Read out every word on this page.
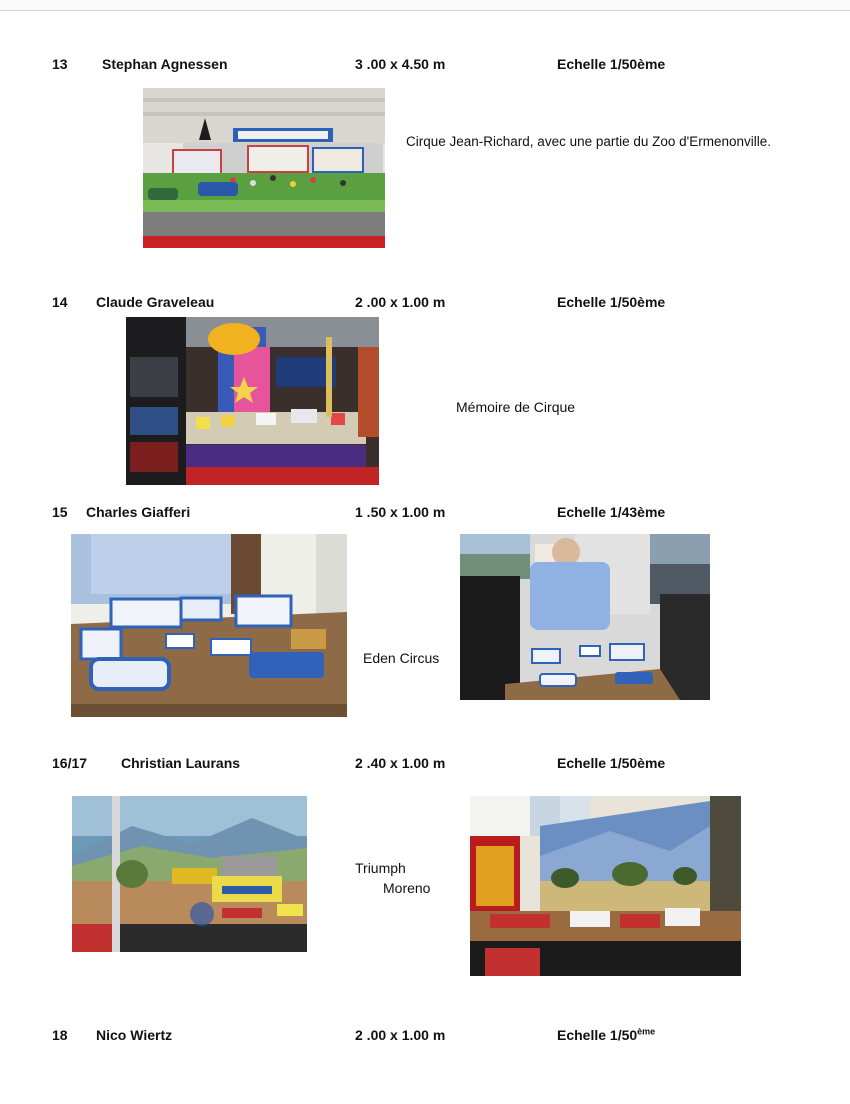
13 Stephan Agnessen	3 .00 x 4.50 m	Echelle 1/50ème
Cirque Jean-Richard, avec une partie du Zoo d'Ermenonville.
14 Claude Graveleau	2 .00 x 1.00 m	Echelle 1/50ème
Mémoire de Cirque
15 Charles Giafferi	1 .50 x 1.00 m	Echelle 1/43ème
Eden Circus
16/17 Christian Laurans	2 .40 x 1.00 m	Echelle 1/50ème
Triumph
Moreno
18 Nico Wiertz	2 .00 x 1.00 m	Echelle 1/50ème
